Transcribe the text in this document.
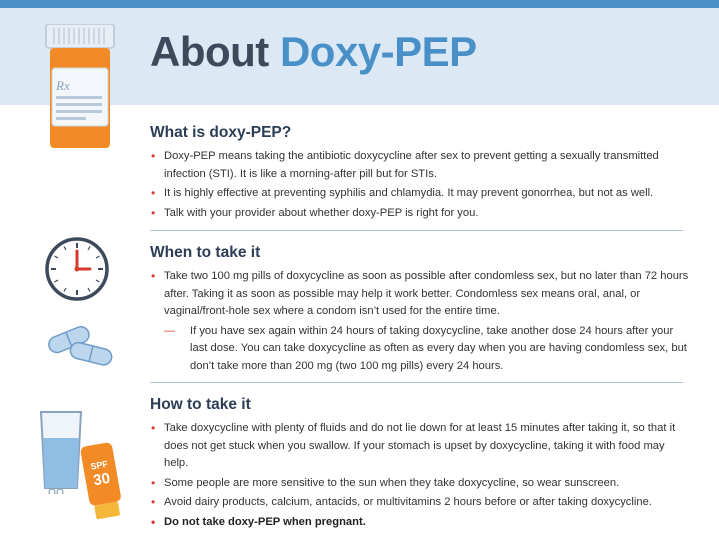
Rx
About Doxy-PEP
What is doxy-PEP?
• Doxy-PEP means taking the antibiotic doxycycline after sex to prevent getting a sexually transmitted infection (STI). It is like a morning-after pill but for STIs.
• It is highly effective at preventing syphilis and chlamydia. It may prevent gonorrhea, but not as well.
• Talk with your provider about whether doxy-PEP is right for you.
When to take it
• Take two 100 mg pills of doxycycline as soon as possible after condomless sex, but no later than 72 hours after. Taking it as soon as possible may help it work better. Condomless sex means oral, anal, or vaginal/front-hole sex where a condom isn’t used for the entire time.
— If you have sex again within 24 hours of taking doxycycline, take another dose 24 hours after your last dose. You can take doxycycline as often as every day when you are having condomless sex, but don’t take more than 200 mg (two 100 mg pills) every 24 hours.
SPF
30
How to take it
• Take doxycycline with plenty of fluids and do not lie down for at least 15 minutes after taking it, so that it does not get stuck when you swallow. If your stomach is upset by doxycycline, taking it with food may help.
• Some people are more sensitive to the sun when they take doxycycline, so wear sunscreen.
• Avoid dairy products, calcium, antacids, or multivitamins 2 hours before or after taking doxycycline.
• Do not take doxy-PEP when pregnant.
